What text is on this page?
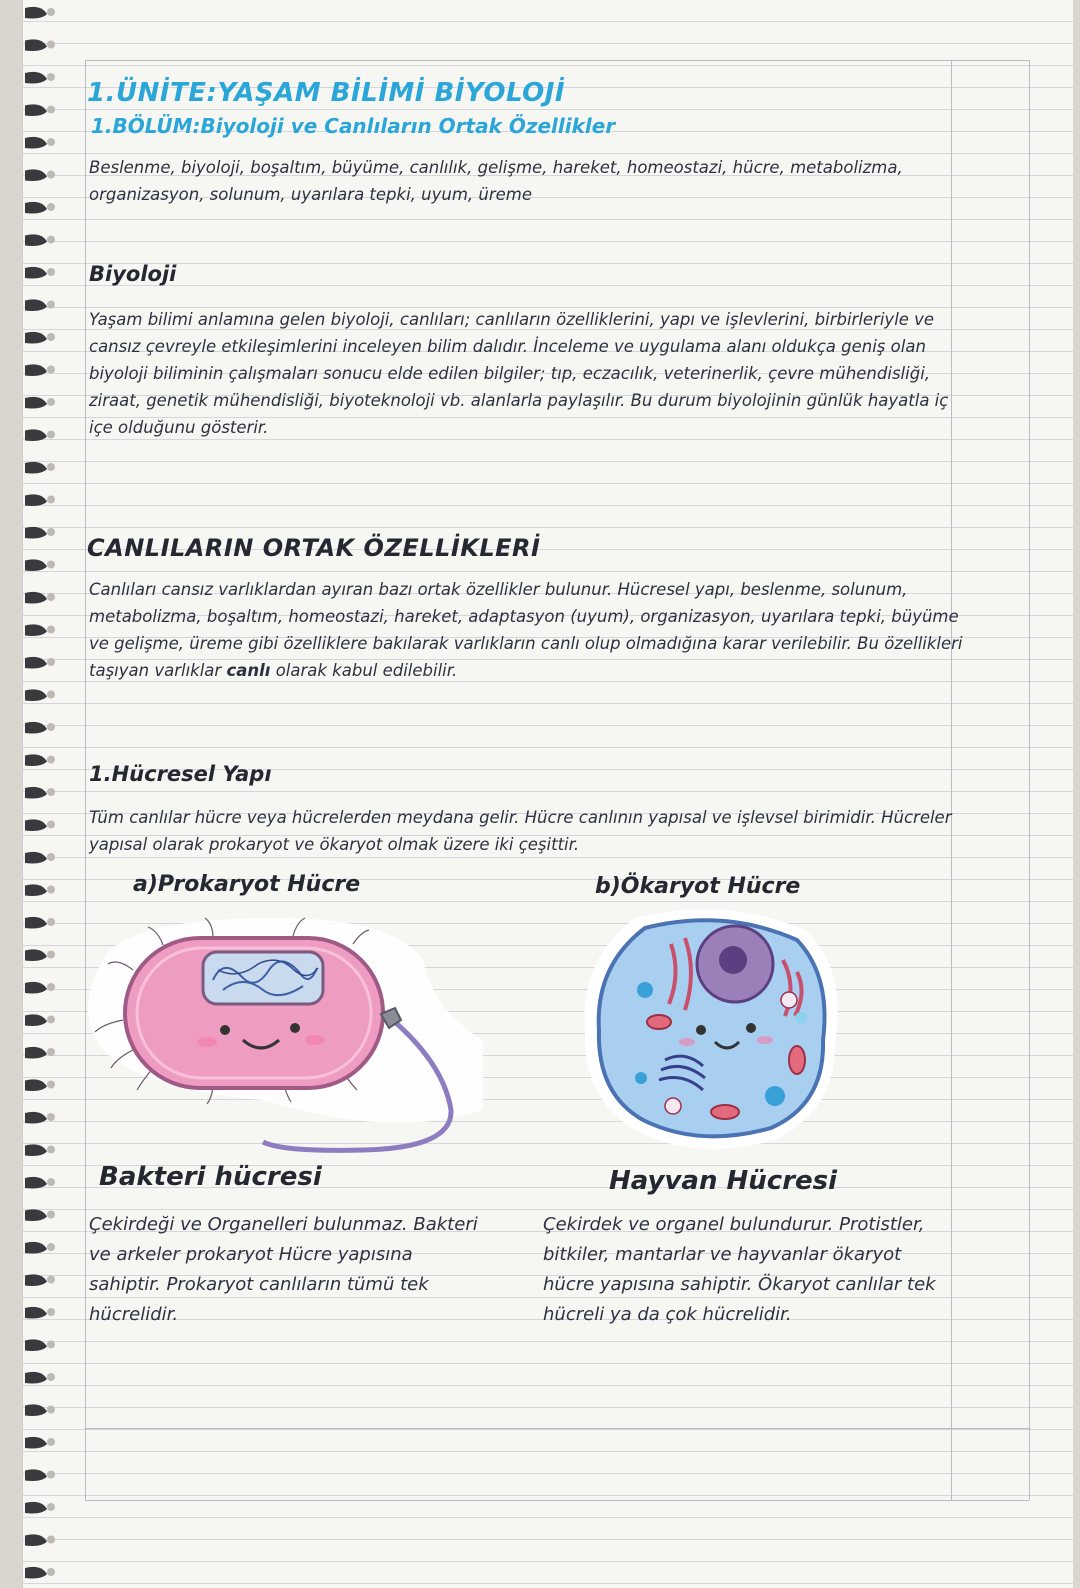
1.ÜNİTE:YAŞAM BİLİMİ BİYOLOJİ
1.BÖLÜM:Biyoloji ve Canlıların Ortak Özellikler
Beslenme, biyoloji, boşaltım, büyüme, canlılık, gelişme, hareket, homeostazi, hücre, metabolizma, organizasyon, solunum, uyarılara tepki, uyum, üreme
Biyoloji
Yaşam bilimi anlamına gelen biyoloji, canlıları; canlıların özelliklerini, yapı ve işlevlerini, birbirleriyle ve cansız çevreyle etkileşimlerini inceleyen bilim dalıdır. İnceleme ve uygulama alanı oldukça geniş olan biyoloji biliminin çalışmaları sonucu elde edilen bilgiler; tıp, eczacılık, veterinerlik, çevre mühendisliği, ziraat, genetik mühendisliği, biyoteknoloji vb. alanlarla paylaşılır. Bu durum biyolojinin günlük hayatla iç içe olduğunu gösterir.
CANLILARIN ORTAK ÖZELLİKLERİ
Canlıları cansız varlıklardan ayıran bazı ortak özellikler bulunur. Hücresel yapı, beslenme, solunum, metabolizma, boşaltım, homeostazi, hareket, adaptasyon (uyum), organizasyon, uyarılara tepki, büyüme ve gelişme, üreme gibi özelliklere bakılarak varlıkların canlı olup olmadığına karar verilebilir. Bu özellikleri taşıyan varlıklar canlı olarak kabul edilebilir.
1.Hücresel Yapı
Tüm canlılar hücre veya hücrelerden meydana gelir. Hücre canlının yapısal ve işlevsel birimidir. Hücreler yapısal olarak prokaryot ve ökaryot olmak üzere iki çeşittir.
a)Prokaryot Hücre	b)Ökaryot Hücre
Bakteri hücresi	Hayvan Hücresi
Çekirdeği ve Organelleri bulunmaz. Bakteri ve arkeler prokaryot Hücre yapısına sahiptir. Prokaryot canlıların tümü tek hücrelidir.
Çekirdek ve organel bulundurur. Protistler, bitkiler, mantarlar ve hayvanlar ökaryot hücre yapısına sahiptir. Ökaryot canlılar tek hücreli ya da çok hücrelidir.
